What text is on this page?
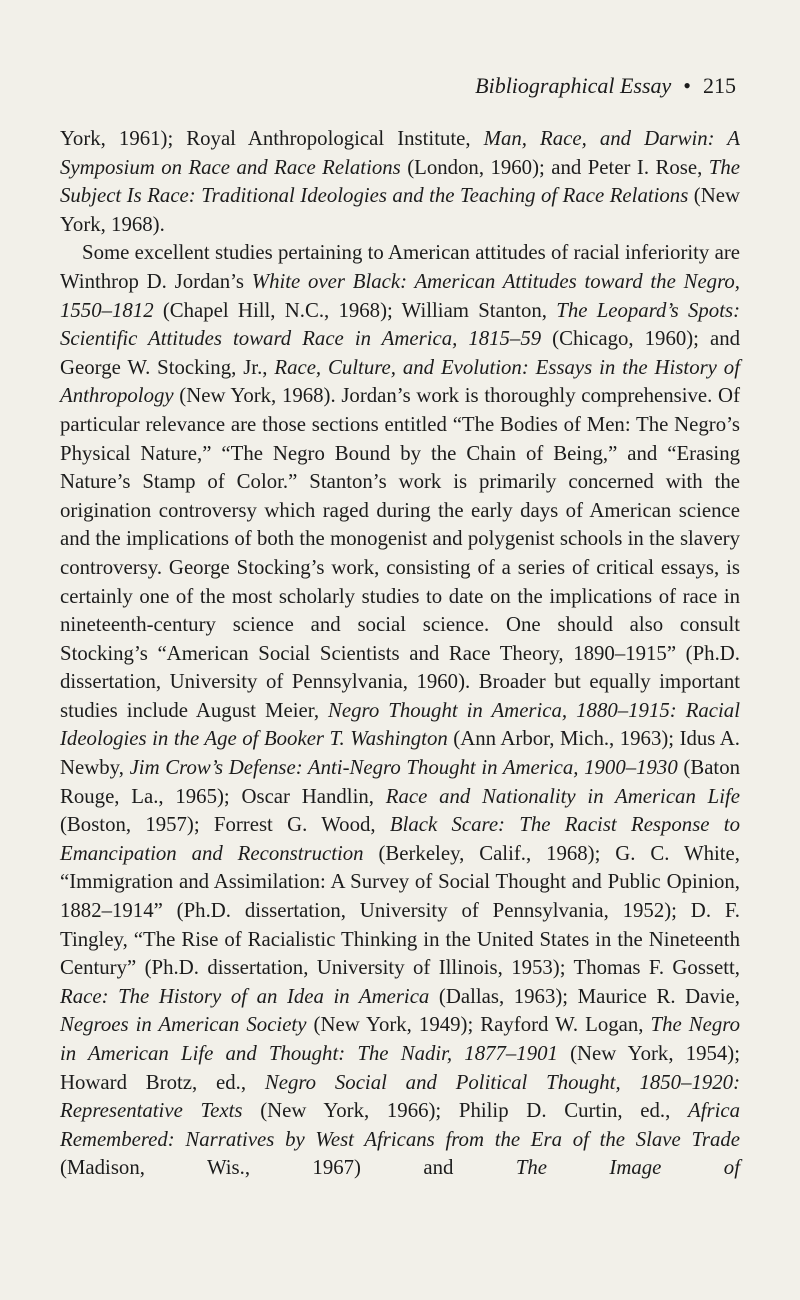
Bibliographical Essay • 215

York, 1961); Royal Anthropological Institute, Man, Race, and Darwin: A Symposium on Race and Race Relations (London, 1960); and Peter I. Rose, The Subject Is Race: Traditional Ideologies and the Teaching of Race Relations (New York, 1968).

Some excellent studies pertaining to American attitudes of racial inferiority are Winthrop D. Jordan’s White over Black: American Attitudes toward the Negro, 1550–1812 (Chapel Hill, N.C., 1968); William Stanton, The Leopard’s Spots: Scientific Attitudes toward Race in America, 1815–59 (Chicago, 1960); and George W. Stocking, Jr., Race, Culture, and Evolution: Essays in the History of Anthropology (New York, 1968). Jordan’s work is thoroughly comprehensive. Of particular relevance are those sections entitled “The Bodies of Men: The Negro’s Physical Nature,” “The Negro Bound by the Chain of Being,” and “Erasing Nature’s Stamp of Color.” Stanton’s work is primarily concerned with the origination controversy which raged during the early days of American science and the implications of both the monogenist and polygenist schools in the slavery controversy. George Stocking’s work, consisting of a series of critical essays, is certainly one of the most scholarly studies to date on the implications of race in nineteenth-century science and social science. One should also consult Stocking’s “American Social Scientists and Race Theory, 1890–1915” (Ph.D. dissertation, University of Pennsylvania, 1960). Broader but equally important studies include August Meier, Negro Thought in America, 1880–1915: Racial Ideologies in the Age of Booker T. Washington (Ann Arbor, Mich., 1963); Idus A. Newby, Jim Crow’s Defense: Anti-Negro Thought in America, 1900–1930 (Baton Rouge, La., 1965); Oscar Handlin, Race and Nationality in American Life (Boston, 1957); Forrest G. Wood, Black Scare: The Racist Response to Emancipation and Reconstruction (Berkeley, Calif., 1968); G. C. White, “Immigration and Assimilation: A Survey of Social Thought and Public Opinion, 1882–1914” (Ph.D. dissertation, University of Pennsylvania, 1952); D. F. Tingley, “The Rise of Racialistic Thinking in the United States in the Nineteenth Century” (Ph.D. dissertation, University of Illinois, 1953); Thomas F. Gossett, Race: The History of an Idea in America (Dallas, 1963); Maurice R. Davie, Negroes in American Society (New York, 1949); Rayford W. Logan, The Negro in American Life and Thought: The Nadir, 1877–1901 (New York, 1954); Howard Brotz, ed., Negro Social and Political Thought, 1850–1920: Representative Texts (New York, 1966); Philip D. Curtin, ed., Africa Remembered: Narratives by West Africans from the Era of the Slave Trade (Madison, Wis., 1967) and The Image of
